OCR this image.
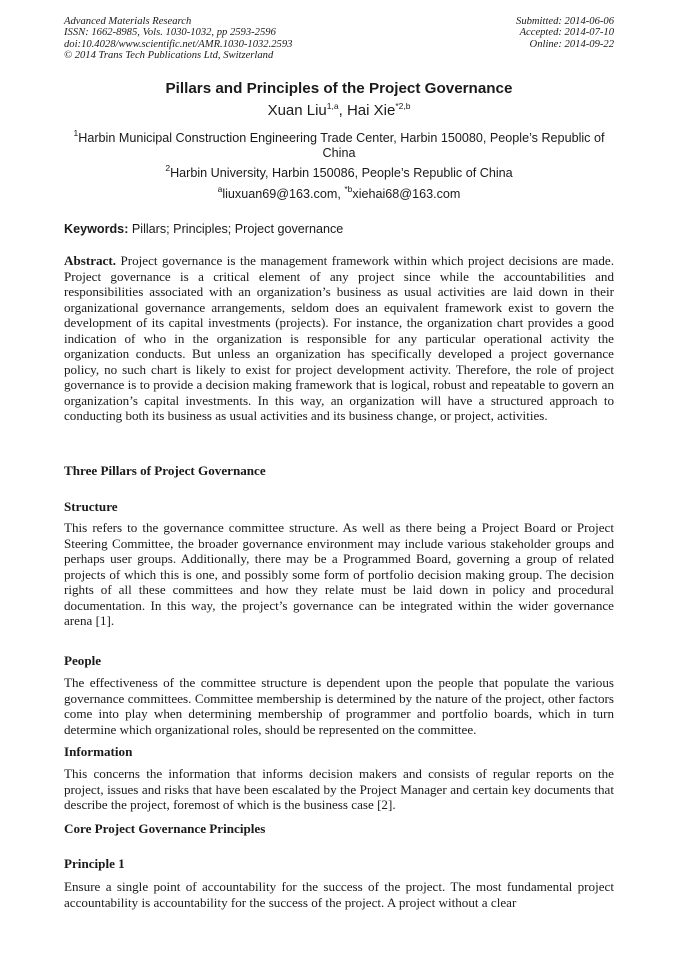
Advanced Materials Research
ISSN: 1662-8985, Vols. 1030-1032, pp 2593-2596
doi:10.4028/www.scientific.net/AMR.1030-1032.2593
© 2014 Trans Tech Publications Ltd, Switzerland
Submitted: 2014-06-06
Accepted: 2014-07-10
Online: 2014-09-22
Pillars and Principles of the Project Governance
Xuan Liu$^{1,a}$, Hai Xie$^{*2,b}$
$^1$Harbin Municipal Construction Engineering Trade Center, Harbin 150080, People’s Republic of China
$^2$Harbin University, Harbin 150086, People’s Republic of China
$^a$liuxuan69@163.com, $^{*b}$xiehai68@163.com
Keywords: Pillars; Principles; Project governance
Abstract. Project governance is the management framework within which project decisions are made. Project governance is a critical element of any project since while the accountabilities and responsibilities associated with an organization’s business as usual activities are laid down in their organizational governance arrangements, seldom does an equivalent framework exist to govern the development of its capital investments (projects). For instance, the organization chart provides a good indication of who in the organization is responsible for any particular operational activity the organization conducts. But unless an organization has specifically developed a project governance policy, no such chart is likely to exist for project development activity. Therefore, the role of project governance is to provide a decision making framework that is logical, robust and repeatable to govern an organization’s capital investments. In this way, an organization will have a structured approach to conducting both its business as usual activities and its business change, or project, activities.
Three Pillars of Project Governance
Structure
This refers to the governance committee structure. As well as there being a Project Board or Project Steering Committee, the broader governance environment may include various stakeholder groups and perhaps user groups. Additionally, there may be a Programmed Board, governing a group of related projects of which this is one, and possibly some form of portfolio decision making group. The decision rights of all these committees and how they relate must be laid down in policy and procedural documentation. In this way, the project’s governance can be integrated within the wider governance arena [1].
People
The effectiveness of the committee structure is dependent upon the people that populate the various governance committees. Committee membership is determined by the nature of the project, other factors come into play when determining membership of programmer and portfolio boards, which in turn determine which organizational roles, should be represented on the committee.
Information
This concerns the information that informs decision makers and consists of regular reports on the project, issues and risks that have been escalated by the Project Manager and certain key documents that describe the project, foremost of which is the business case [2].
Core Project Governance Principles
Principle 1
Ensure a single point of accountability for the success of the project. The most fundamental project accountability is accountability for the success of the project. A project without a clear
